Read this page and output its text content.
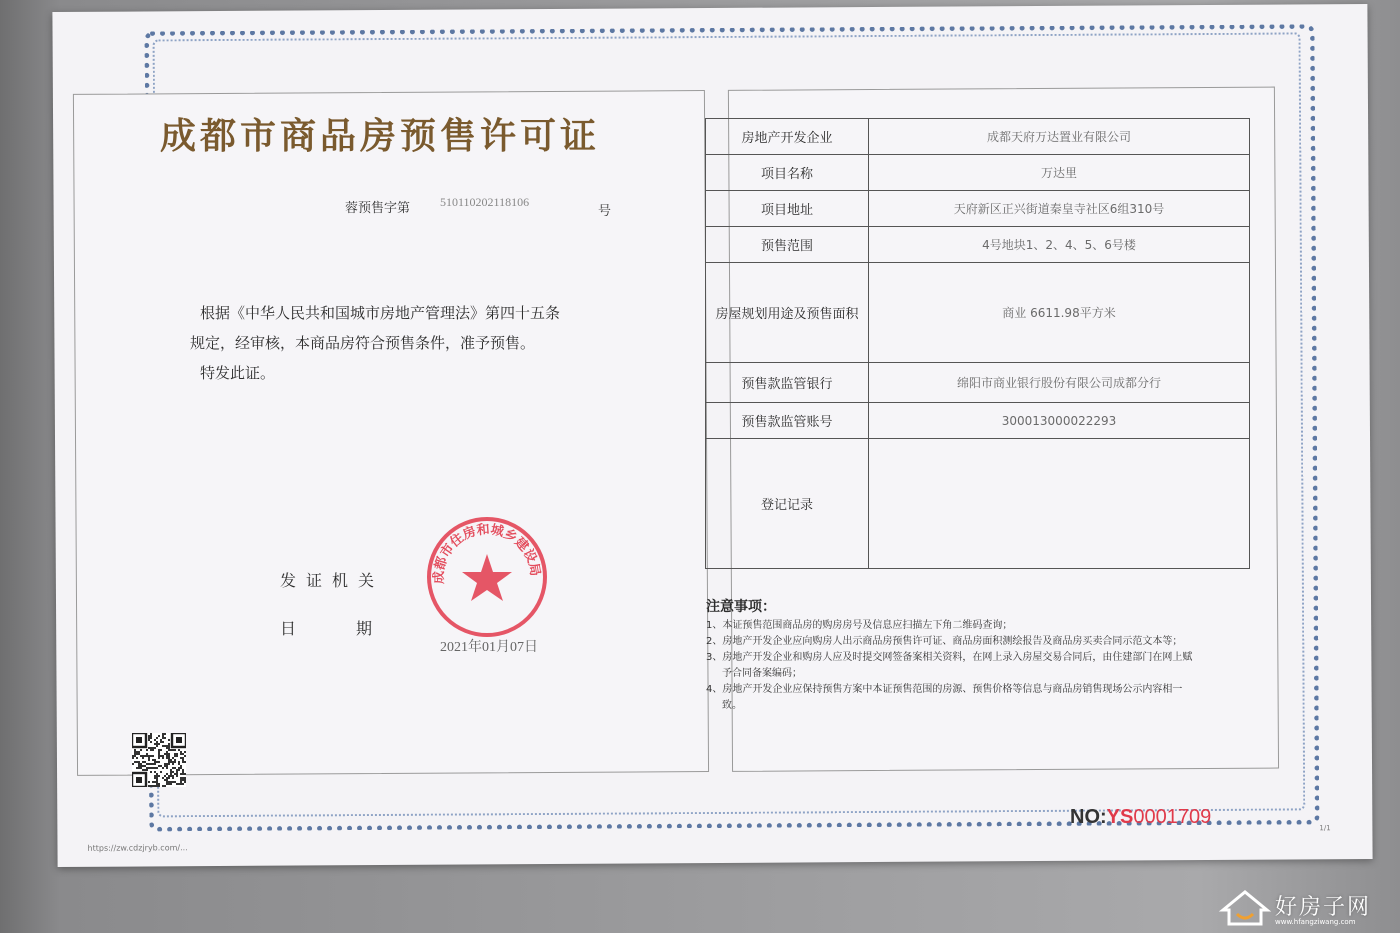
https://zw.cdzjryb.com/...
1/1
成都市商品房预售许可证
蓉预售字第 510110202118106
号

根据《中华人民共和国城市房地产管理法》第四十五条

规定，经审核，本商品房符合预售条件，准予预售。

特发此证。

发证机关
日期
2021年01月07日
成都市住房和城乡建设局
房地产开发企业	成都天府万达置业有限公司
项目名称	万达里
项目地址	天府新区正兴街道秦皇寺社区6组310号
预售范围	4号地块1、2、4、5、6号楼
房屋规划用途及预售面积	商业 6611.98平方米
预售款监管银行	绵阳市商业银行股份有限公司成都分行
预售款监管账号	300013000022293
登记记录	
注意事项：
1、本证预售范围商品房的购房房号及信息应扫描左下角二维码查询；
2、房地产开发企业应向购房人出示商品房预售许可证、商品房面积测绘报告及商品房买卖合同示范文本等；
3、房地产开发企业和购房人应及时提交网签备案相关资料，在网上录入房屋交易合同后，由住建部门在网上赋予合同备案编码；
4、房地产开发企业应保持预售方案中本证预售范围的房源、预售价格等信息与商品房销售现场公示内容相一致。
NO:YS0001709
好房子网
www.hfangziwang.com
